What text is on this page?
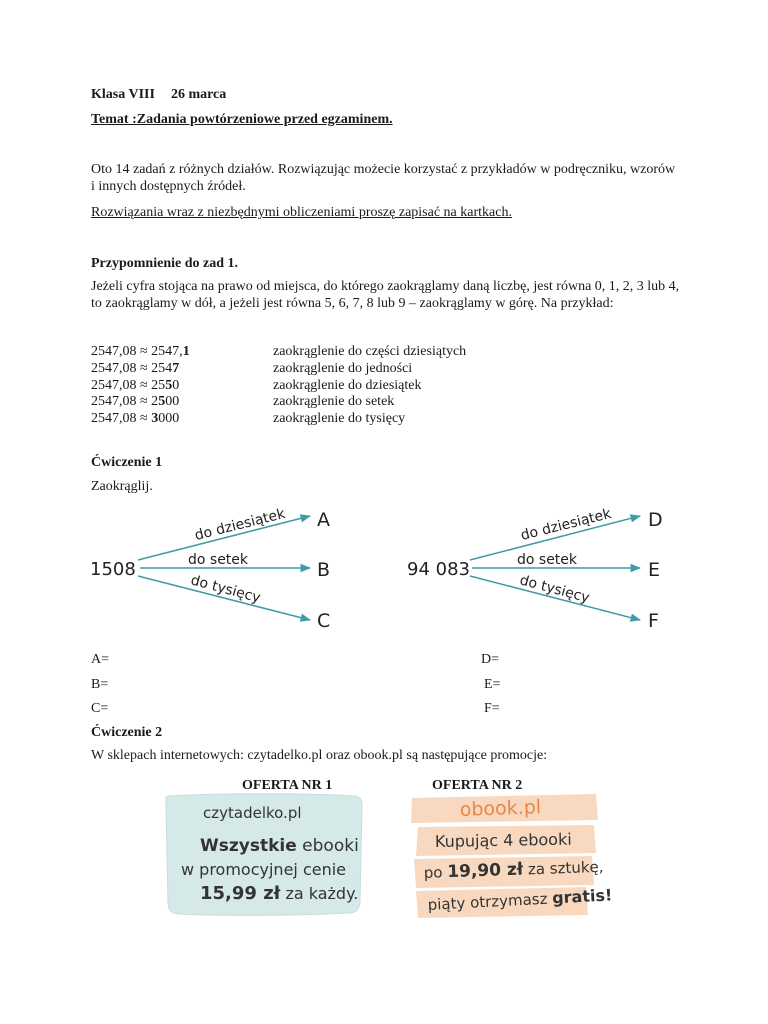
Klasa VIII 26 marca
Temat :Zadania powtórzeniowe przed egzaminem.
Oto 14 zadań z różnych działów. Rozwiązując możecie korzystać z przykładów w podręczniku, wzorów i innych dostępnych źródeł.
Rozwiązania wraz z niezbędnymi obliczeniami proszę zapisać na kartkach.
Przypomnienie do zad 1.
Jeżeli cyfra stojąca na prawo od miejsca, do którego zaokrąglamy daną liczbę, jest równa 0, 1, 2, 3 lub 4, to zaokrąglamy w dół, a jeżeli jest równa 5, 6, 7, 8 lub 9 – zaokrąglamy w górę. Na przykład:
2547,08 ≈ 2547,1	zaokrąglenie do części dziesiątych
2547,08 ≈ 2547	zaokrąglenie do jedności
2547,08 ≈ 2550	zaokrąglenie do dziesiątek
2547,08 ≈ 2500	zaokrąglenie do setek
2547,08 ≈ 3000	zaokrąglenie do tysięcy
Ćwiczenie 1
Zaokrąglij.
1508
do dziesiątek
do setek
do tysięcy
A
B
C
94 083
do dziesiątek
do setek
do tysięcy
D
E
F
A=
B=
C=
D=
E=
F=
Ćwiczenie 2
W sklepach internetowych: czytadelko.pl oraz obook.pl są następujące promocje:
OFERTA NR 1	OFERTA NR 2
czytadelko.pl
Wszystkie ebooki
w promocyjnej cenie
15,99 zł za każdy.
obook.pl
Kupując 4 ebooki
po 19,90 zł za sztukę,
piąty otrzymasz gratis!
